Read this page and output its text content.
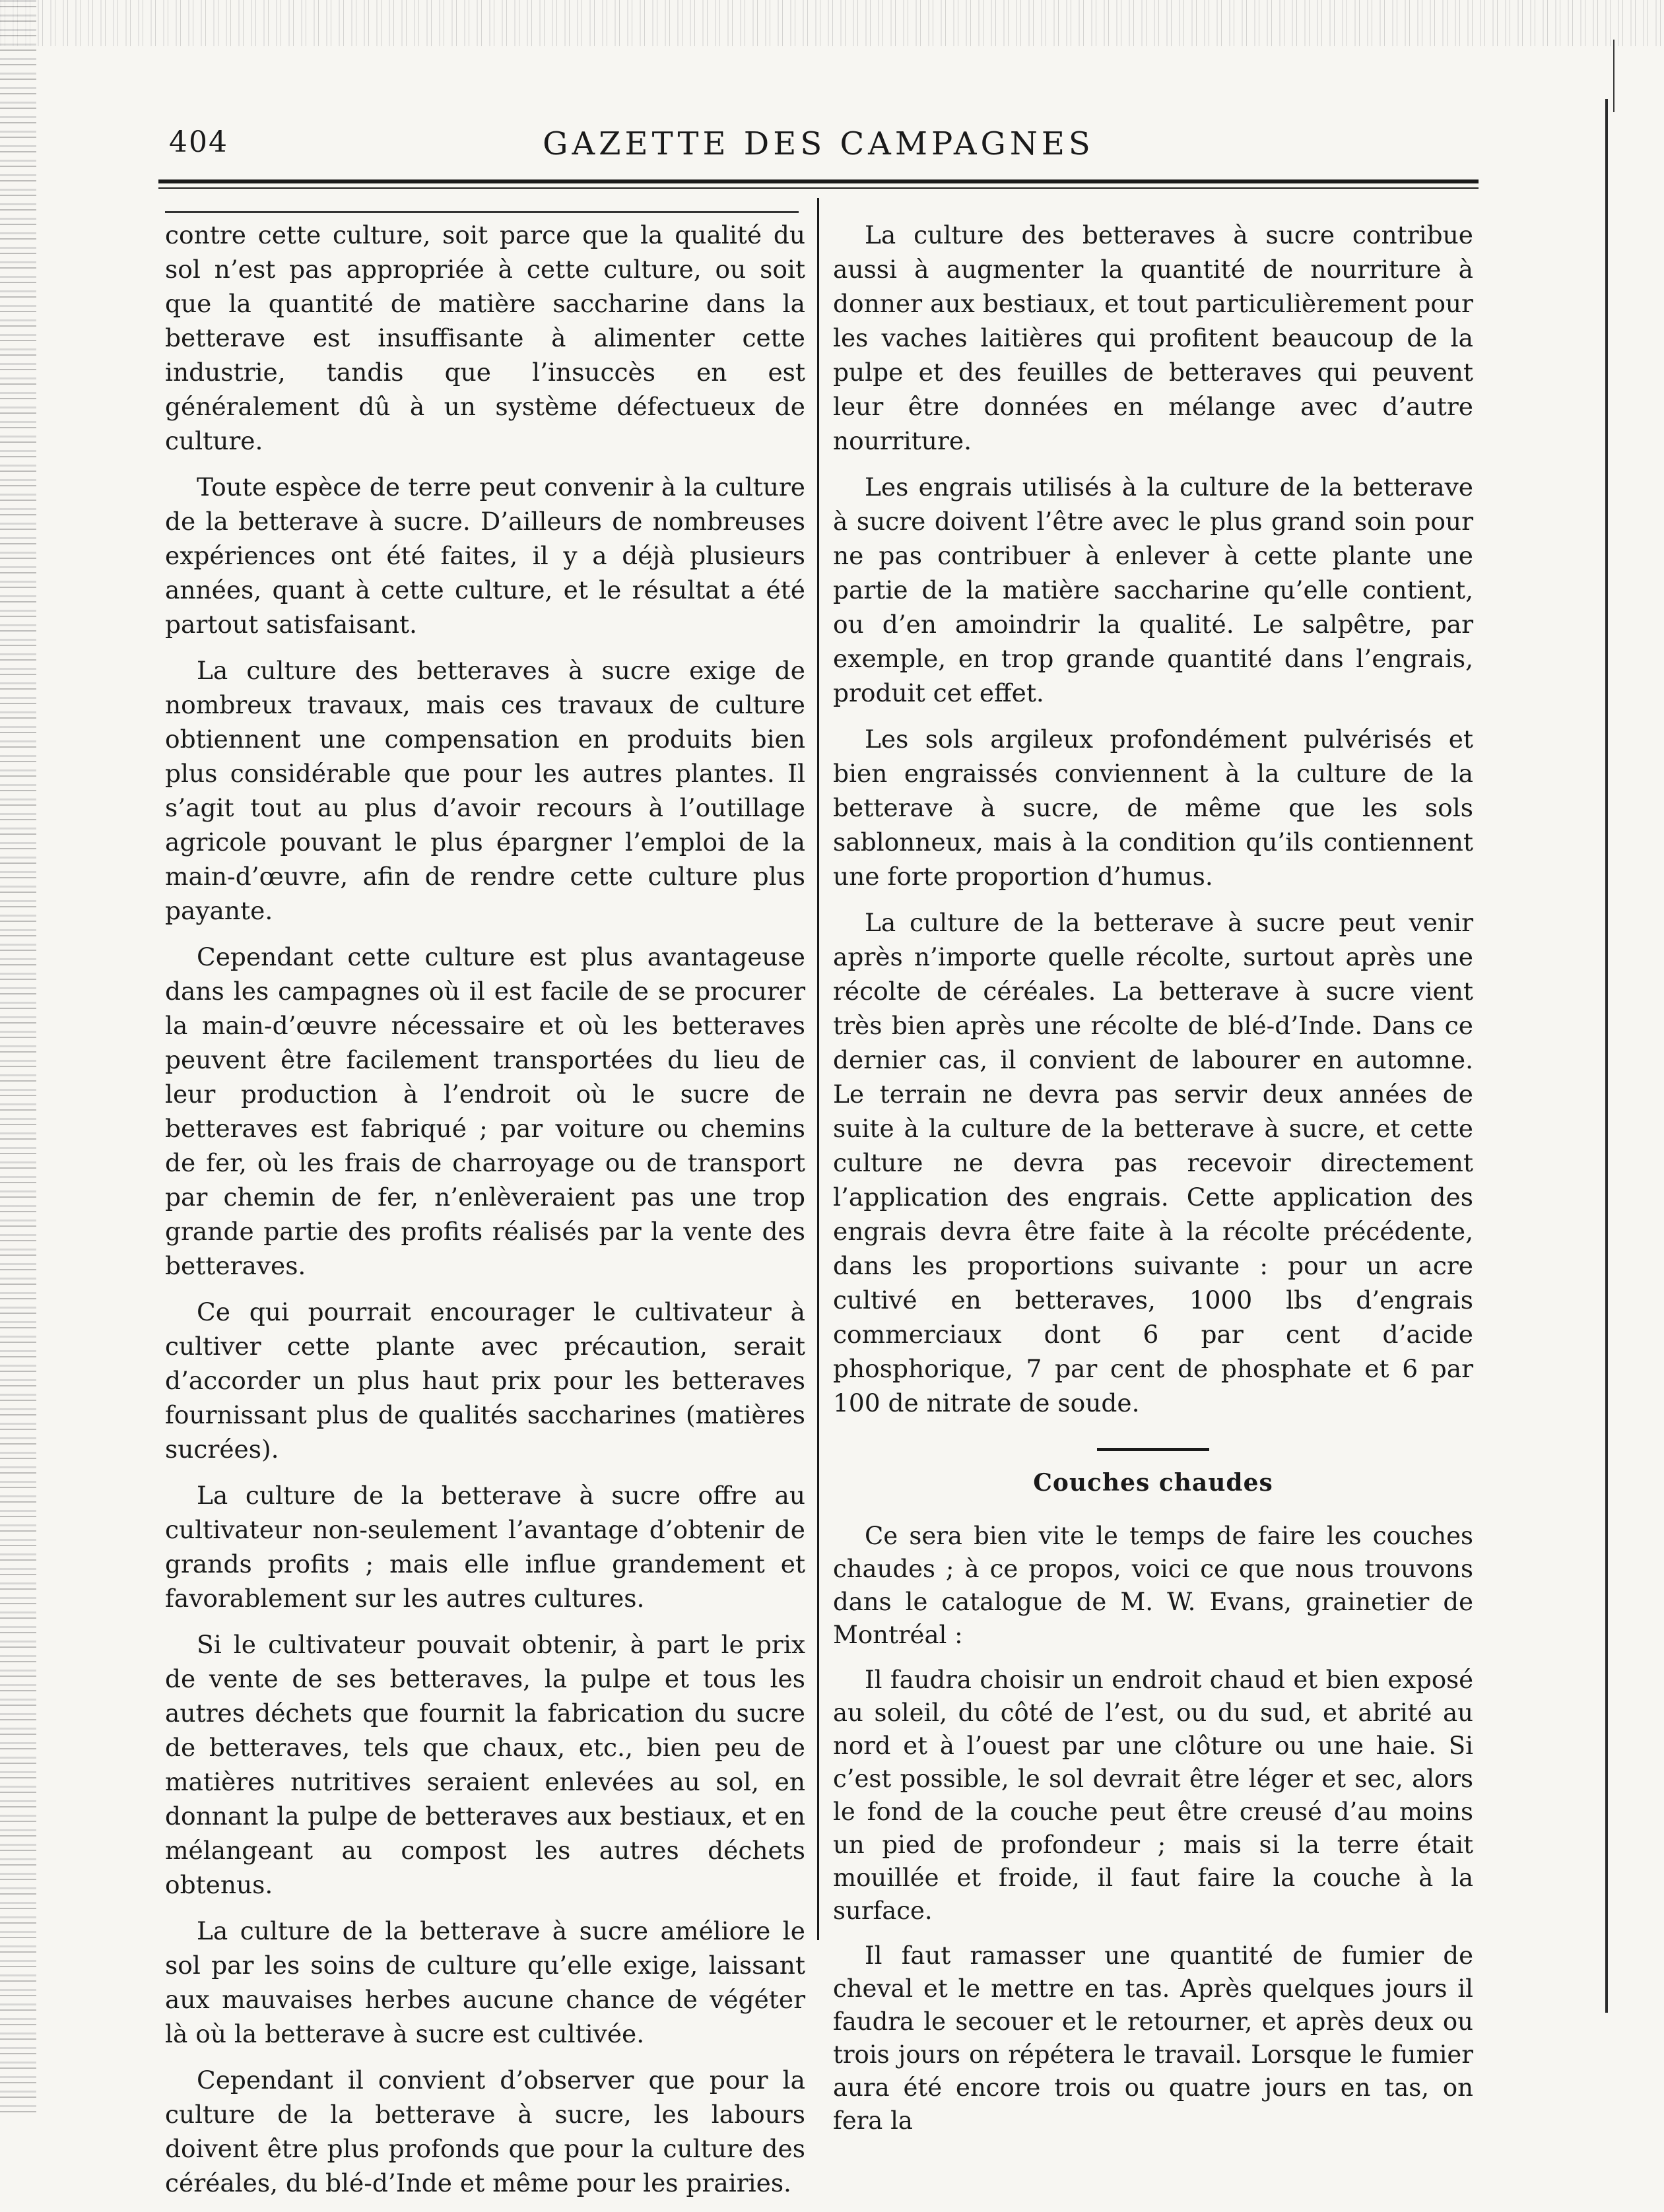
404	GAZETTE DES CAMPAGNES

contre cette culture, soit parce que la qualité du sol n’est pas appropriée à cette culture, ou soit que la quantité de matière saccharine dans la betterave est insuffisante à alimenter cette industrie, tandis que l’insuccès en est généralement dû à un système défectueux de culture.

Toute espèce de terre peut convenir à la culture de la betterave à sucre. D’ailleurs de nombreuses expériences ont été faites, il y a déjà plusieurs années, quant à cette culture, et le résultat a été partout satisfaisant.

La culture des betteraves à sucre exige de nombreux travaux, mais ces travaux de culture obtiennent une compensation en produits bien plus considérable que pour les autres plantes. Il s’agit tout au plus d’avoir recours à l’outillage agricole pouvant le plus épargner l’emploi de la main-d’œuvre, afin de rendre cette culture plus payante.

Cependant cette culture est plus avantageuse dans les campagnes où il est facile de se procurer la main-d’œuvre nécessaire et où les betteraves peuvent être facilement transportées du lieu de leur production à l’endroit où le sucre de betteraves est fabriqué ; par voiture ou chemins de fer, où les frais de charroyage ou de transport par chemin de fer, n’enlèveraient pas une trop grande partie des profits réalisés par la vente des betteraves.

Ce qui pourrait encourager le cultivateur à cultiver cette plante avec précaution, serait d’accorder un plus haut prix pour les betteraves fournissant plus de qualités saccharines (matières sucrées).

La culture de la betterave à sucre offre au cultivateur non-seulement l’avantage d’obtenir de grands profits ; mais elle influe grandement et favorablement sur les autres cultures.

Si le cultivateur pouvait obtenir, à part le prix de vente de ses betteraves, la pulpe et tous les autres déchets que fournit la fabrication du sucre de betteraves, tels que chaux, etc., bien peu de matières nutritives seraient enlevées au sol, en donnant la pulpe de betteraves aux bestiaux, et en mélangeant au compost les autres déchets obtenus.

La culture de la betterave à sucre améliore le sol par les soins de culture qu’elle exige, laissant aux mauvaises herbes aucune chance de végéter là où la betterave à sucre est cultivée.

Cependant il convient d’observer que pour la culture de la betterave à sucre, les labours doivent être plus profonds que pour la culture des céréales, du blé-d’Inde et même pour les prairies.

La culture des betteraves à sucre contribue aussi à augmenter la quantité de nourriture à donner aux bestiaux, et tout particulièrement pour les vaches laitières qui profitent beaucoup de la pulpe et des feuilles de betteraves qui peuvent leur être données en mélange avec d’autre nourriture.

Les engrais utilisés à la culture de la betterave à sucre doivent l’être avec le plus grand soin pour ne pas contribuer à enlever à cette plante une partie de la matière saccharine qu’elle contient, ou d’en amoindrir la qualité. Le salpêtre, par exemple, en trop grande quantité dans l’engrais, produit cet effet.

Les sols argileux profondément pulvérisés et bien engraissés conviennent à la culture de la betterave à sucre, de même que les sols sablonneux, mais à la condition qu’ils contiennent une forte proportion d’humus.

La culture de la betterave à sucre peut venir après n’importe quelle récolte, surtout après une récolte de céréales. La betterave à sucre vient très bien après une récolte de blé-d’Inde. Dans ce dernier cas, il convient de labourer en automne. Le terrain ne devra pas servir deux années de suite à la culture de la betterave à sucre, et cette culture ne devra pas recevoir directement l’application des engrais. Cette application des engrais devra être faite à la récolte précédente, dans les proportions suivante : pour un acre cultivé en betteraves, 1000 lbs d’engrais commerciaux dont 6 par cent d’acide phosphorique, 7 par cent de phosphate et 6 par 100 de nitrate de soude.

Couches chaudes

Ce sera bien vite le temps de faire les couches chaudes ; à ce propos, voici ce que nous trouvons dans le catalogue de M. W. Evans, grainetier de Montréal :

Il faudra choisir un endroit chaud et bien exposé au soleil, du côté de l’est, ou du sud, et abrité au nord et à l’ouest par une clôture ou une haie. Si c’est possible, le sol devrait être léger et sec, alors le fond de la couche peut être creusé d’au moins un pied de profondeur ; mais si la terre était mouillée et froide, il faut faire la couche à la surface.

Il faut ramasser une quantité de fumier de cheval et le mettre en tas. Après quelques jours il faudra le secouer et le retourner, et après deux ou trois jours on répétera le travail. Lorsque le fumier aura été encore trois ou quatre jours en tas, on fera la
